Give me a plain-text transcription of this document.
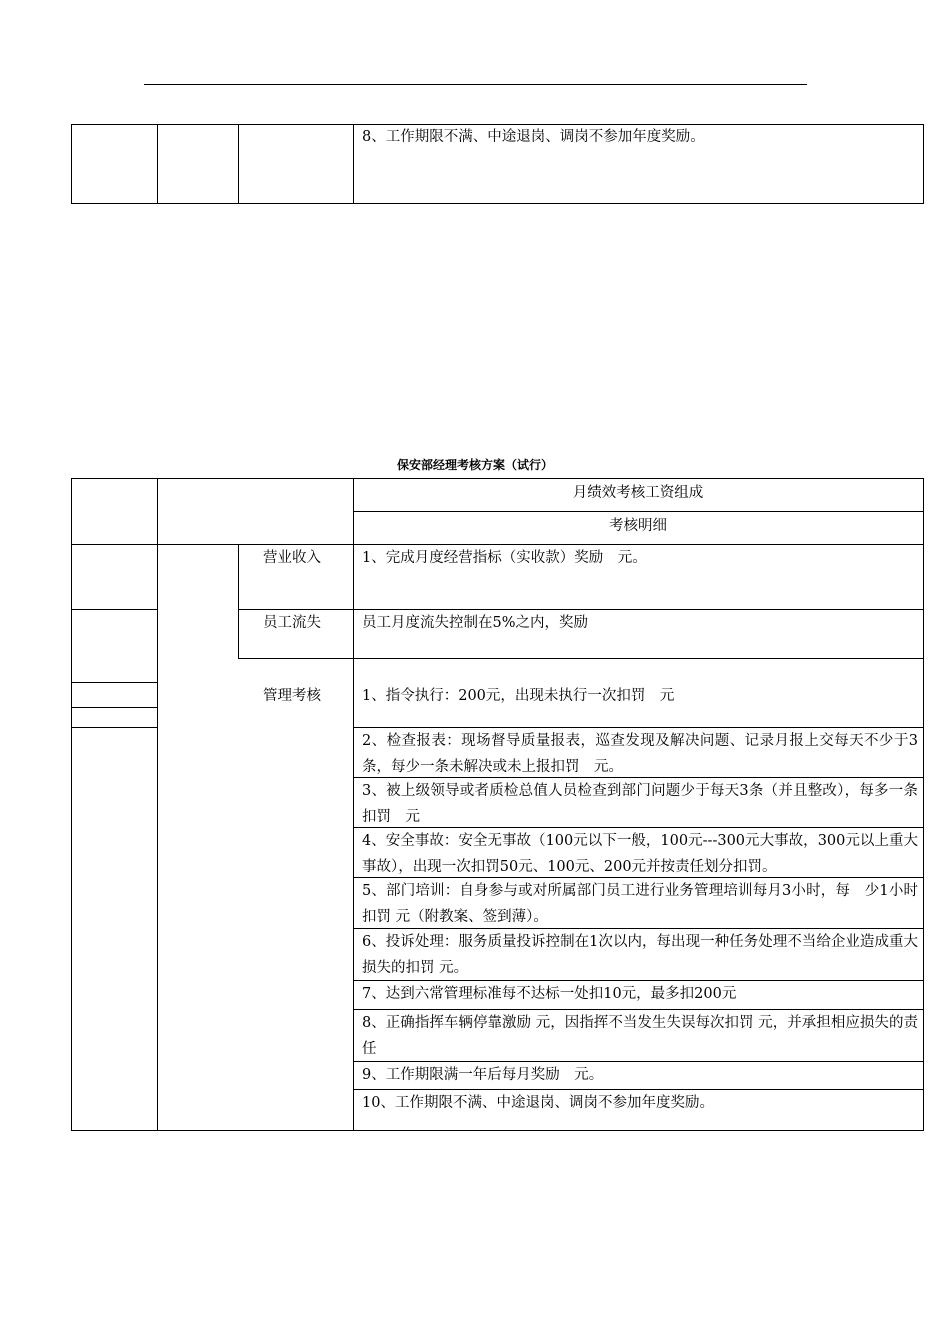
8、工作期限不满、中途退岗、调岗不参加年度奖励。
保安部经理考核方案（试行）
月绩效考核工资组成
考核明细
营业收入
员工流失
管理考核
1、完成月度经营指标（实收款）奖励　元。
员工月度流失控制在5%之内，奖励
1、指令执行：200元，出现未执行一次扣罚　元
2、检查报表：现场督导质量报表，巡查发现及解决问题、记录月报上交每天不少于3条，每少一条未解决或未上报扣罚　元。
3、被上级领导或者质检总值人员检查到部门问题少于每天3条（并且整改），每多一条扣罚　元
4、安全事故：安全无事故（100元以下一般，100元---300元大事故，300元以上重大事故），出现一次扣罚50元、100元、200元并按责任划分扣罚。
5、部门培训：自身参与或对所属部门员工进行业务管理培训每月3小时，每　少1小时扣罚 元（附教案、签到薄）。
6、投诉处理：服务质量投诉控制在1次以内，每出现一种任务处理不当给企业造成重大损失的扣罚 元。
7、达到六常管理标准每不达标一处扣10元，最多扣200元
8、正确指挥车辆停靠激励 元，因指挥不当发生失误每次扣罚 元，并承担相应损失的责任
9、工作期限满一年后每月奖励　元。
10、工作期限不满、中途退岗、调岗不参加年度奖励。
